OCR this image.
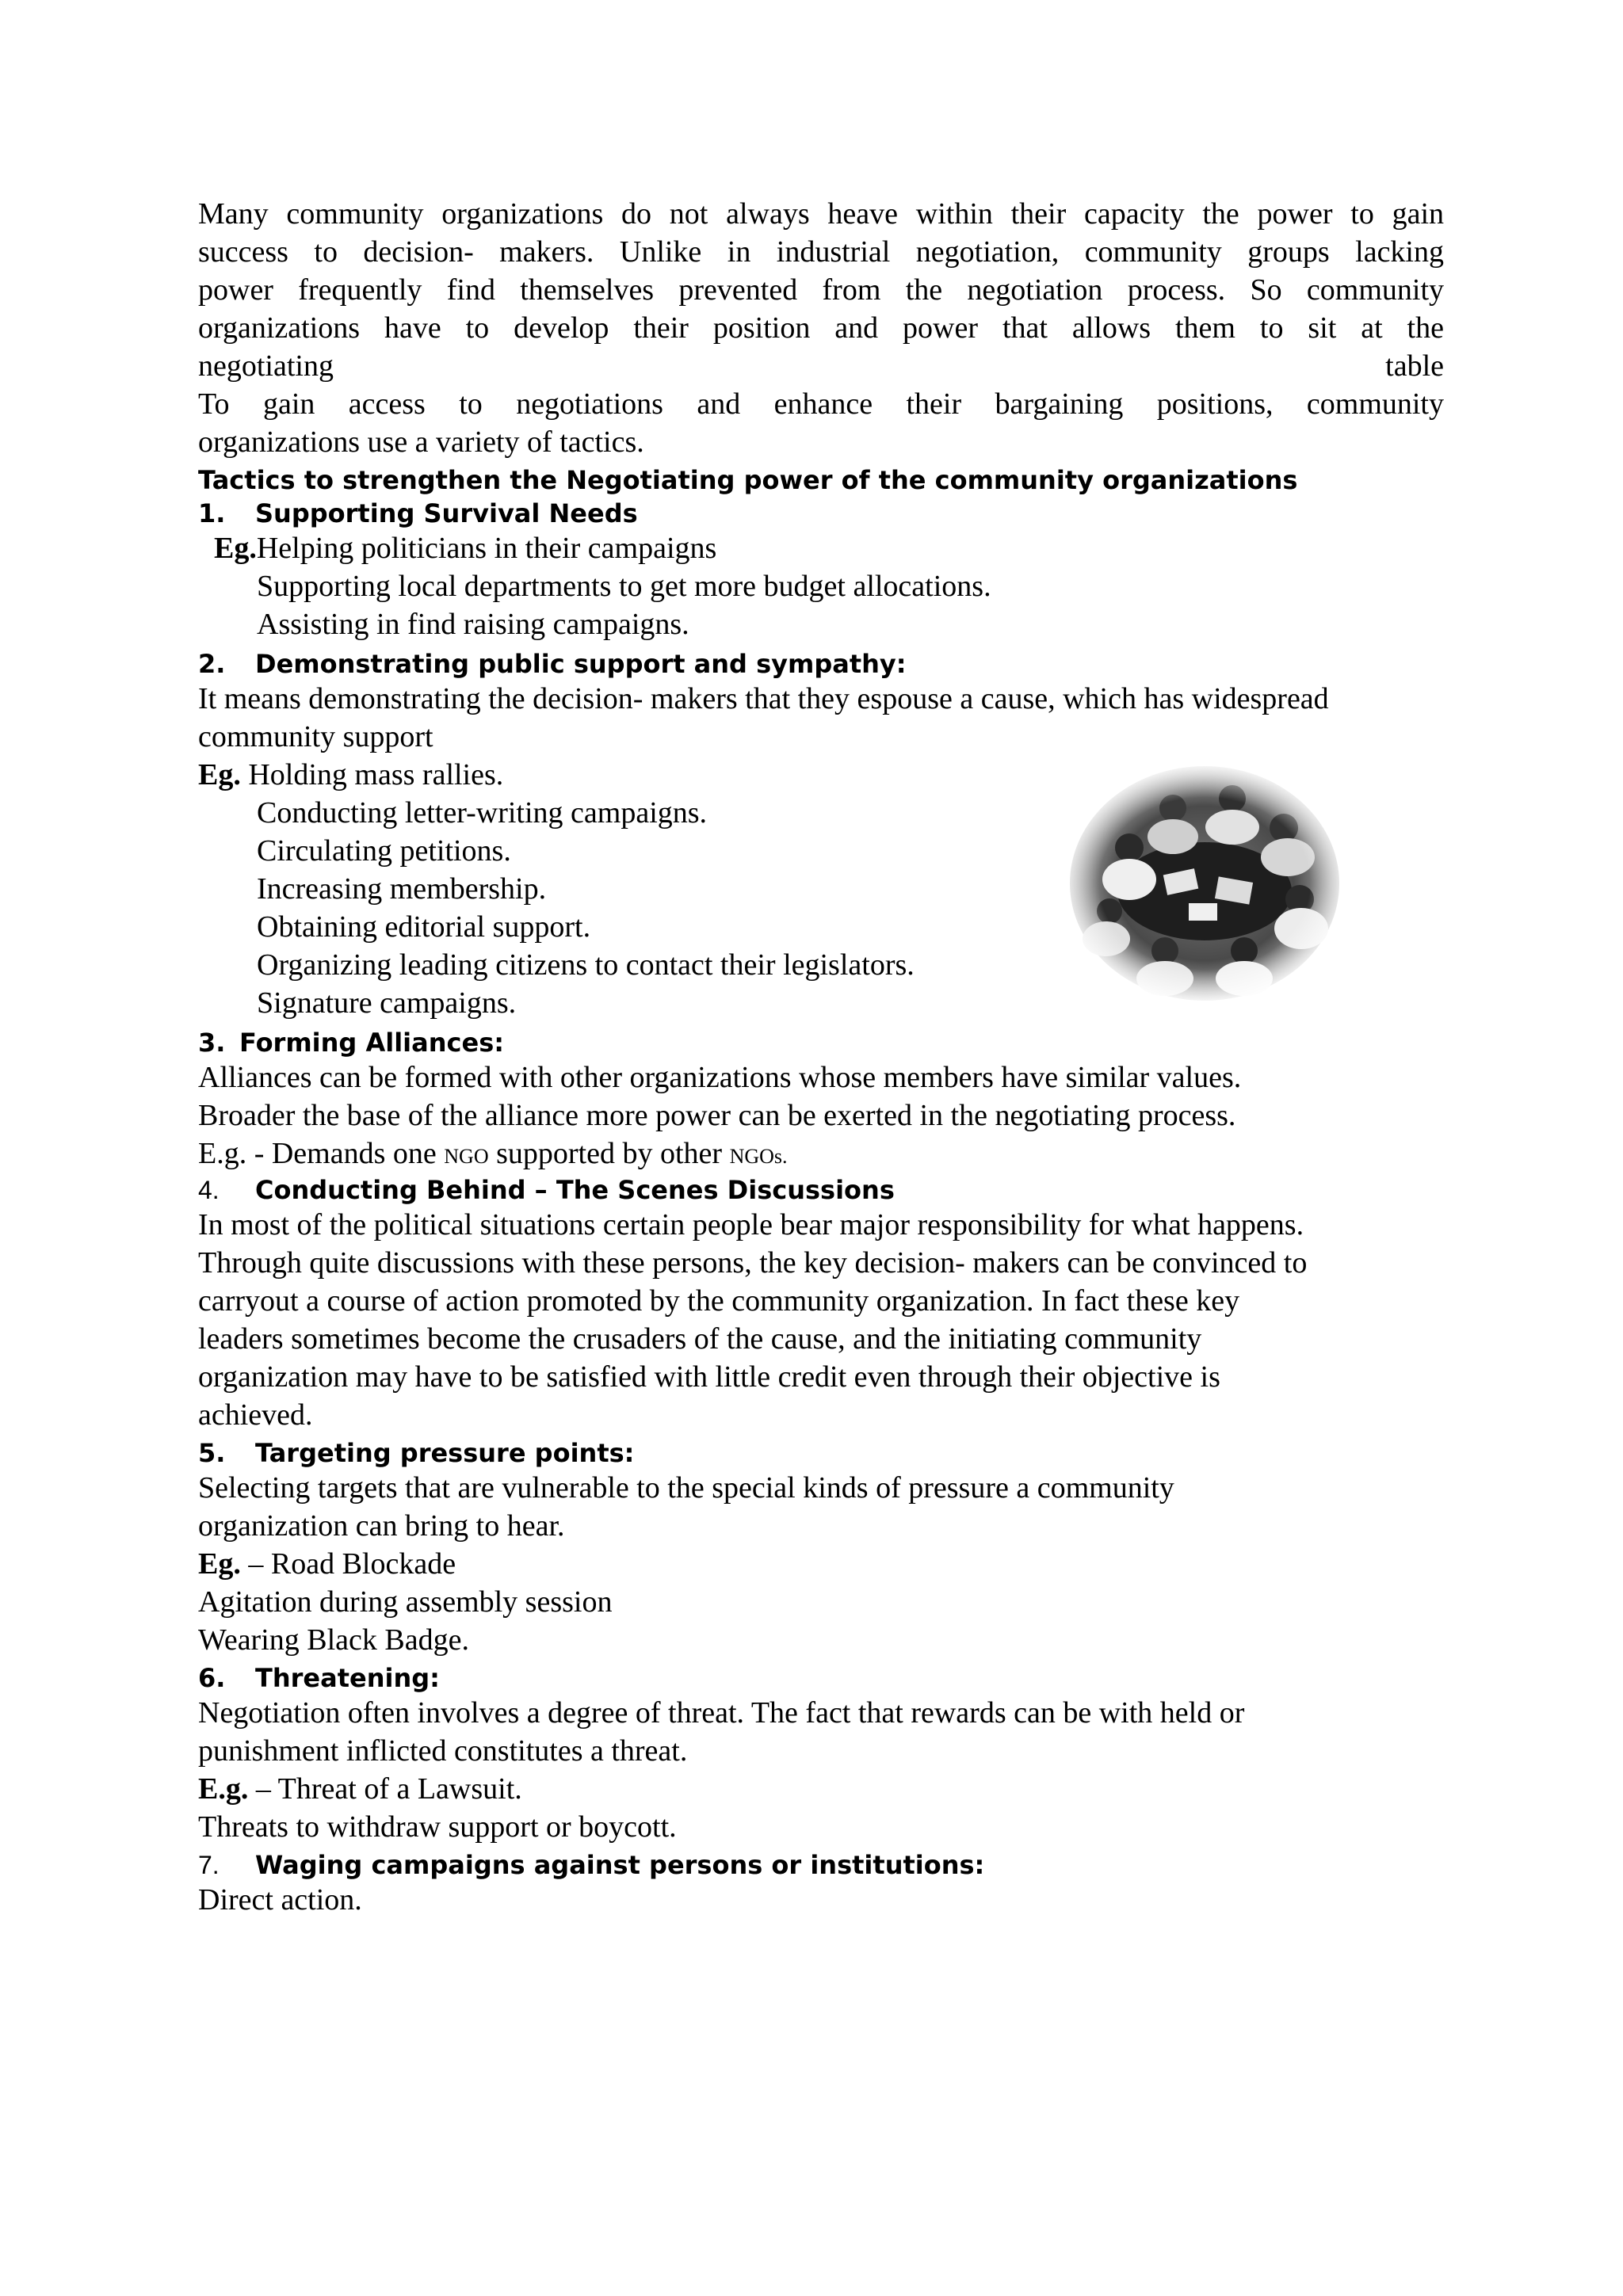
Many community organizations do not always heave within their capacity the power to gain
success to decision- makers. Unlike in industrial negotiation, community groups lacking
power frequently find themselves prevented from the negotiation process. So community
organizations have to develop their position and power that allows them to sit at the
negotiating table
To gain access to negotiations and enhance their bargaining positions, community
organizations use a variety of tactics.
Tactics to strengthen the Negotiating power of the community organizations
1. Supporting Survival Needs
Eg.Helping politicians in their campaigns
Supporting local departments to get more budget allocations.
Assisting in find raising campaigns.
2. Demonstrating public support and sympathy:
It means demonstrating the decision- makers that they espouse a cause, which has widespread
community support
Eg. Holding mass rallies.
Conducting letter-writing campaigns.
Circulating petitions.
Increasing membership.
Obtaining editorial support.
Organizing leading citizens to contact their legislators.
Signature campaigns.
3. Forming Alliances:
Alliances can be formed with other organizations whose members have similar values.
Broader the base of the alliance more power can be exerted in the negotiating process.
E.g. - Demands one NGO supported by other NGOs.
4. Conducting Behind – The Scenes Discussions
In most of the political situations certain people bear major responsibility for what happens.
Through quite discussions with these persons, the key decision- makers can be convinced to
carryout a course of action promoted by the community organization. In fact these key
leaders sometimes become the crusaders of the cause, and the initiating community
organization may have to be satisfied with little credit even through their objective is
achieved.
5. Targeting pressure points:
Selecting targets that are vulnerable to the special kinds of pressure a community
organization can bring to hear.
Eg. – Road Blockade
Agitation during assembly session
Wearing Black Badge.
6. Threatening:
Negotiation often involves a degree of threat. The fact that rewards can be with held or
punishment inflicted constitutes a threat.
E.g. – Threat of a Lawsuit.
Threats to withdraw support or boycott.
7. Waging campaigns against persons or institutions:
Direct action.
